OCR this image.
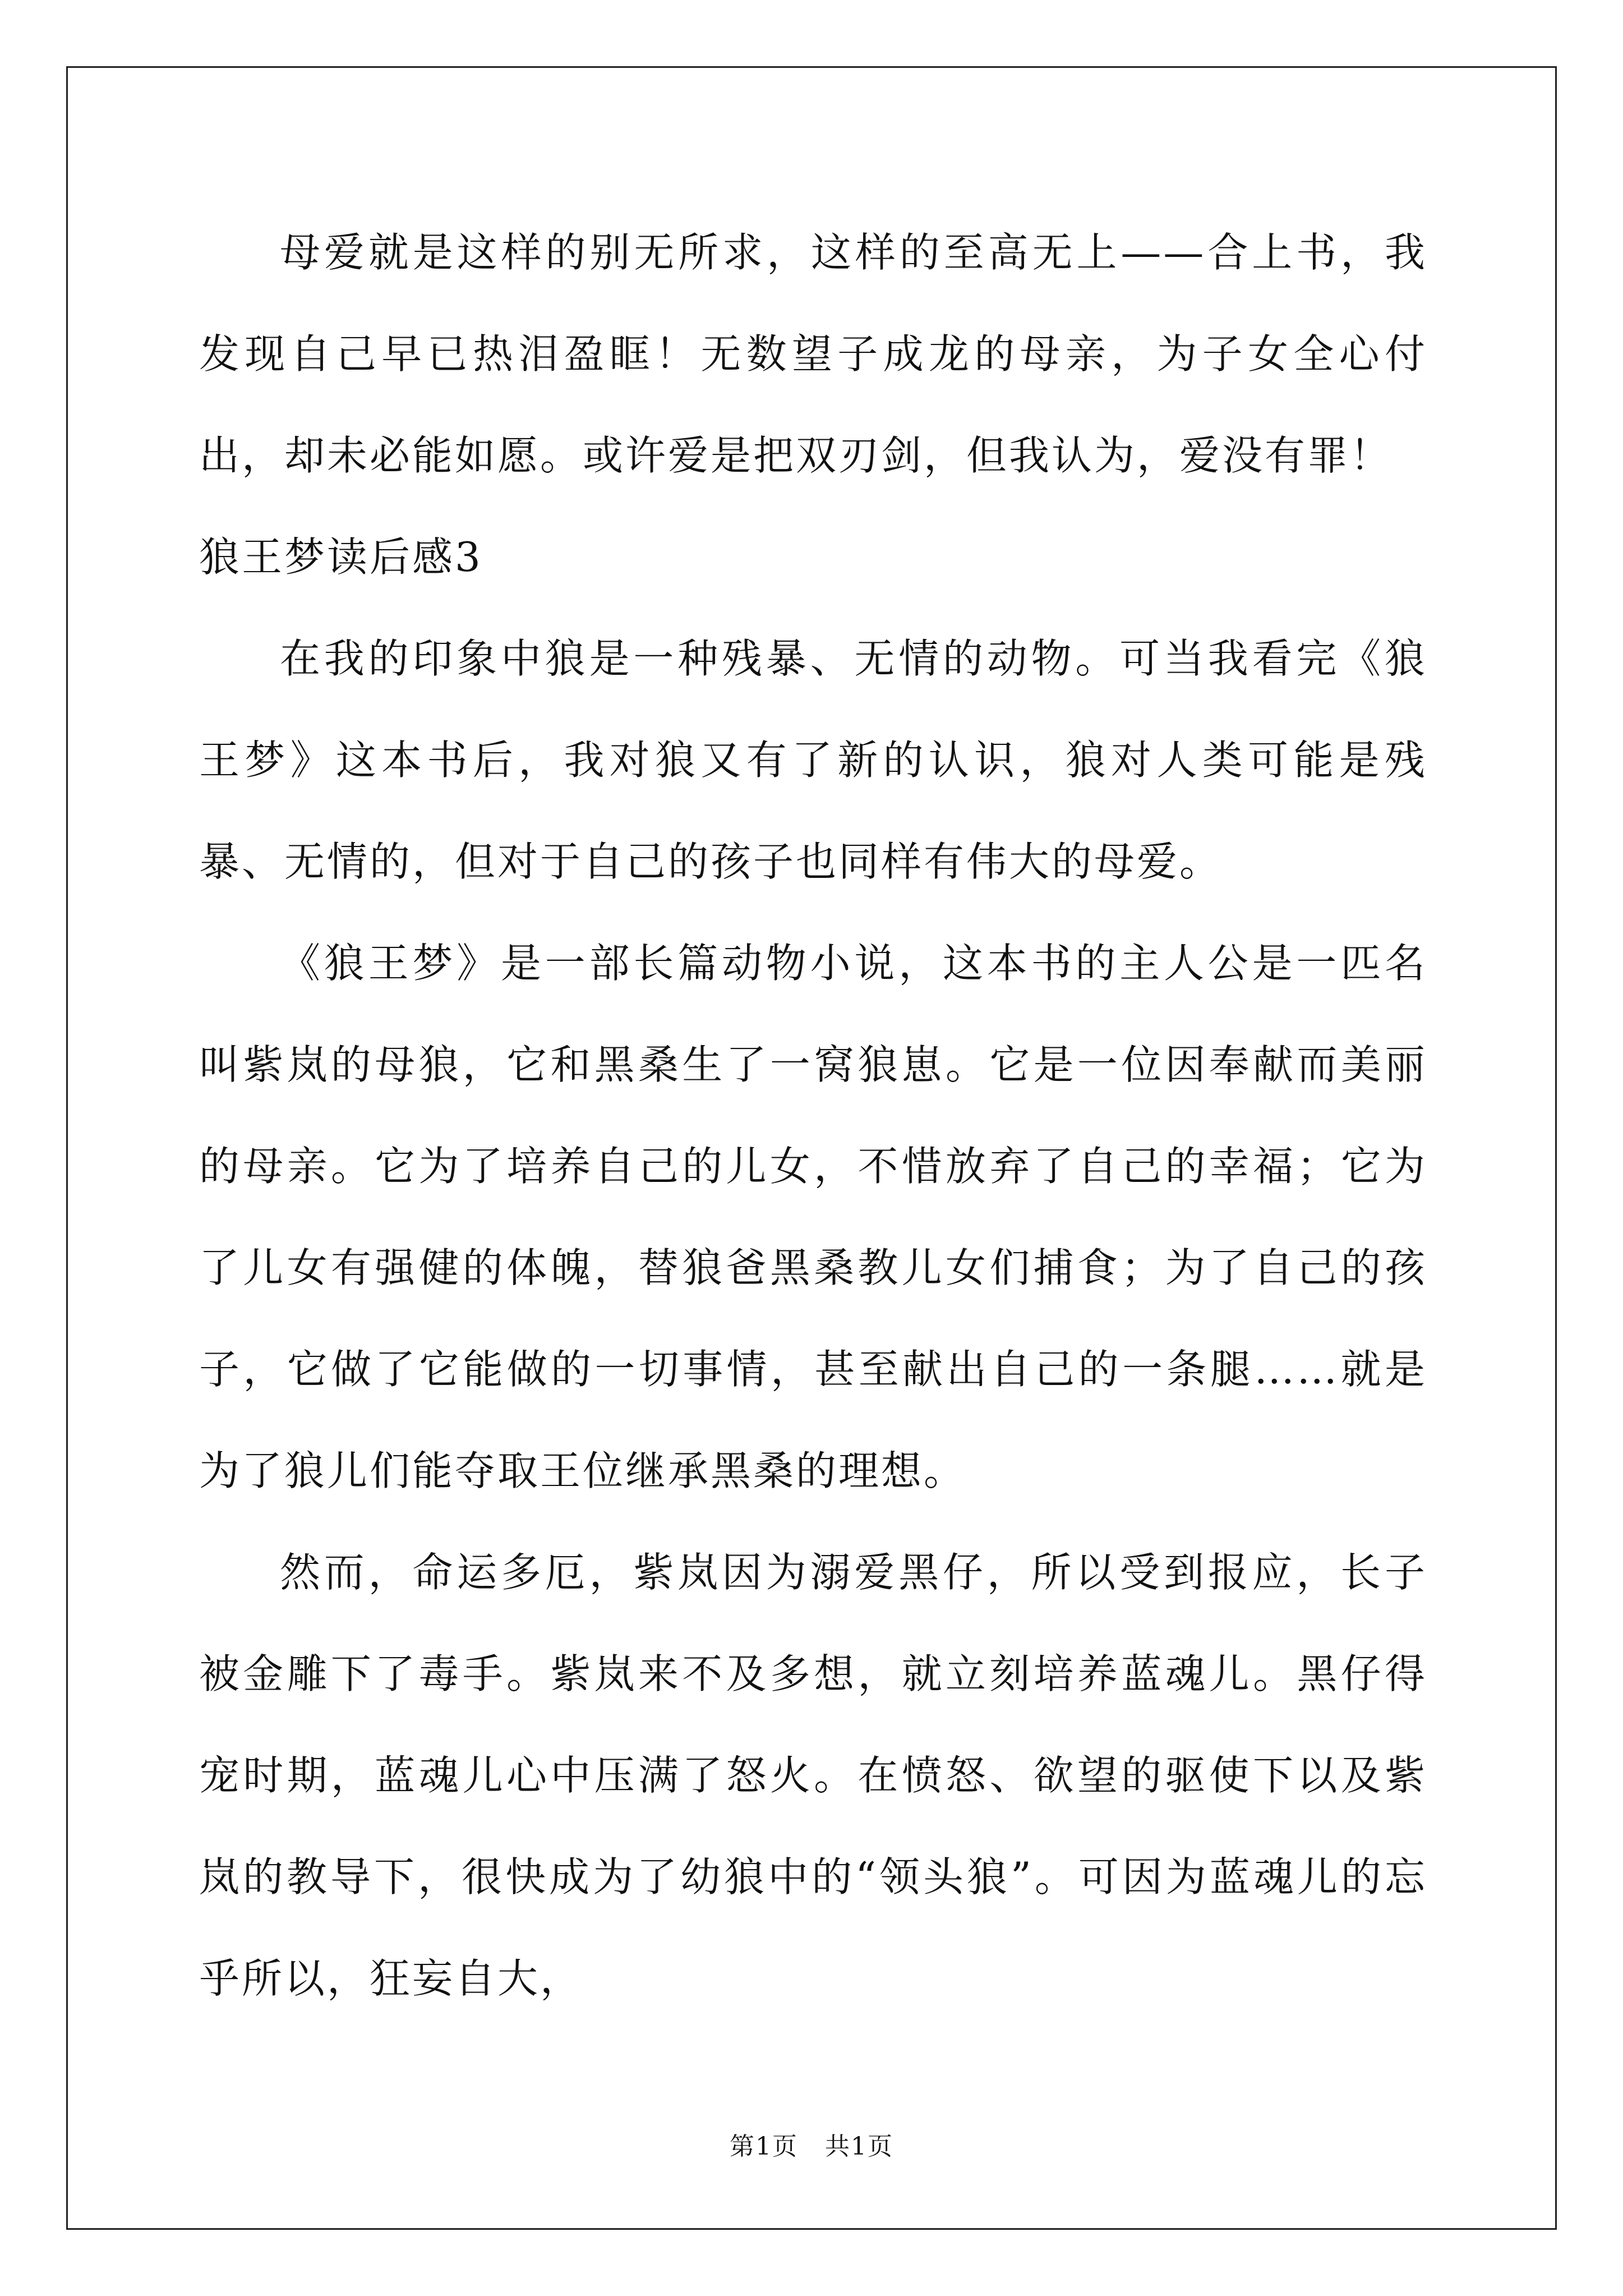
母爱就是这样的别无所求，这样的至高无上——合上书，我发现自己早已热泪盈眶！无数望子成龙的母亲，为子女全心付出，却未必能如愿。或许爱是把双刃剑，但我认为，爱没有罪！

狼王梦读后感3

在我的印象中狼是一种残暴、无情的动物。可当我看完《狼王梦》这本书后，我对狼又有了新的认识，狼对人类可能是残暴、无情的，但对于自己的孩子也同样有伟大的母爱。

《狼王梦》是一部长篇动物小说，这本书的主人公是一匹名叫紫岚的母狼，它和黑桑生了一窝狼崽。它是一位因奉献而美丽的母亲。它为了培养自己的儿女，不惜放弃了自己的幸福；它为了儿女有强健的体魄，替狼爸黑桑教儿女们捕食；为了自己的孩子，它做了它能做的一切事情，甚至献出自己的一条腿……就是为了狼儿们能夺取王位继承黑桑的理想。

然而，命运多厄，紫岚因为溺爱黑仔，所以受到报应，长子被金雕下了毒手。紫岚来不及多想，就立刻培养蓝魂儿。黑仔得宠时期，蓝魂儿心中压满了怒火。在愤怒、欲望的驱使下以及紫岚的教导下，很快成为了幼狼中的“领头狼”。可因为蓝魂儿的忘乎所以，狂妄自大，

第1页 共1页
